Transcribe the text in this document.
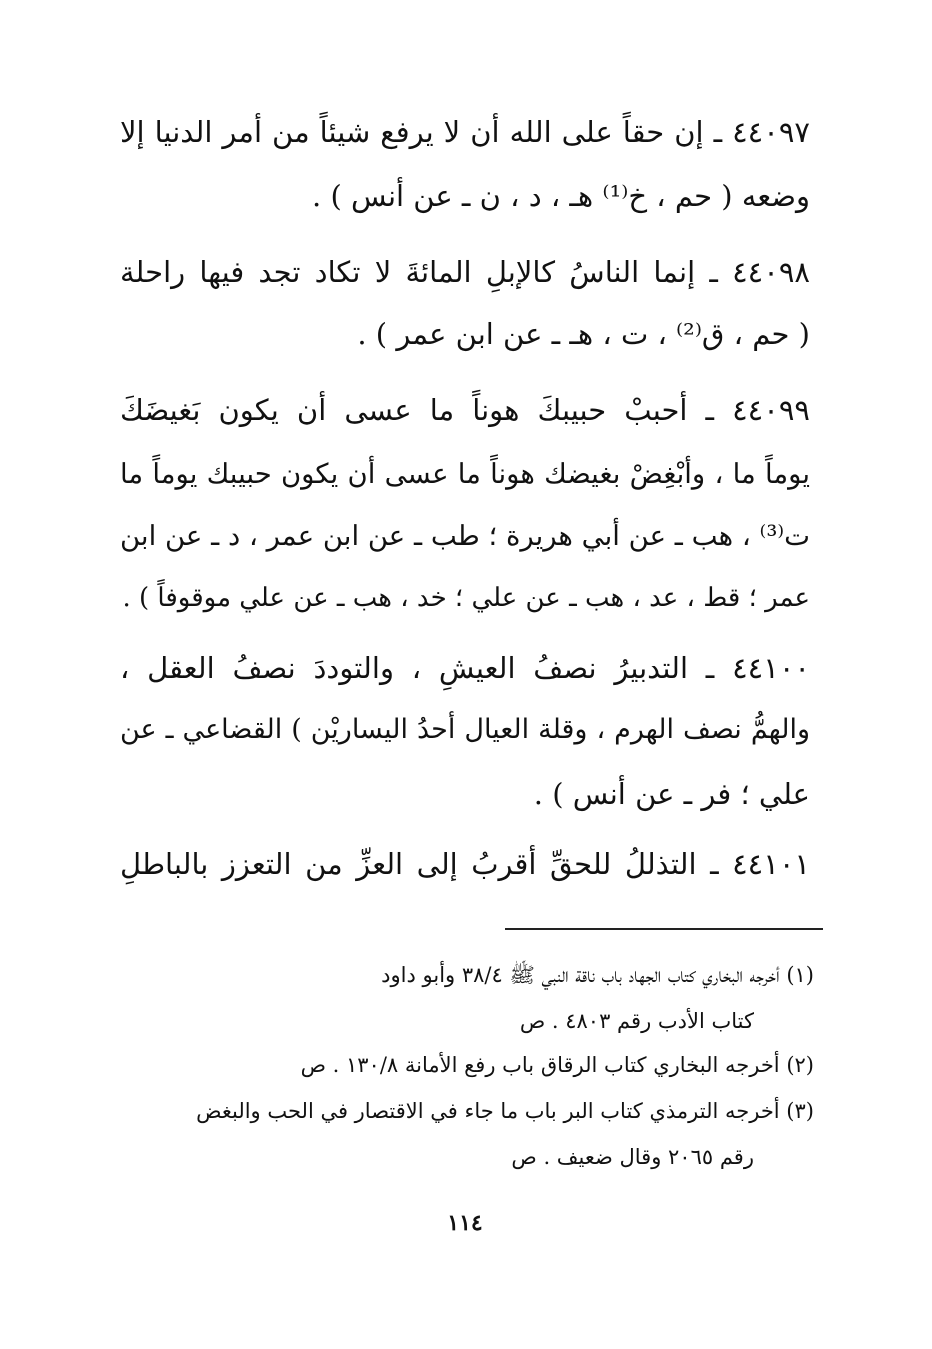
٤٤٠٩٧ ـ إن حقاً على الله أن لا يرفع شيئاً من أمر الدنيا إلا
وضعه ( حم ، خ⁽¹⁾ هـ ، د ، ن ـ عن أنس ) .
٤٤٠٩٨ ـ إنما الناسُ كالإبلِ المائةَ لا تكاد تجد فيها راحلة
( حم ، ق⁽²⁾ ، ت ، هـ ـ عن ابن عمر ) .
٤٤٠٩٩ ـ أحببْ حبيبكَ هوناً ما عسى أن يكون بَغيضَكَ
يوماً ما ، وأبْغِضْ بغيضك هوناً ما عسى أن يكون حبيبك يوماً ما
ت⁽³⁾ ، هب ـ عن أبي هريرة ؛ طب ـ عن ابن عمر ، د ـ عن ابن
عمر ؛ قط ، عد ، هب ـ عن علي ؛ خد ، هب ـ عن علي موقوفاً ) .
٤٤١٠٠ ـ التدبيرُ نصفُ العيشِ ، والتوددَ نصفُ العقل ،
والهمُّ نصف الهرم ، وقلة العيال أحدُ اليساريْن ) القضاعي ـ عن
علي ؛ فر ـ عن أنس ) .
٤٤١٠١ ـ التذللُ للحقِّ أقربُ إلى العزِّ من التعزز بالباطلِ
(١) أخرجه البخاري كتاب الجهاد باب ناقة النبي ﷺ ٣٨/٤ وأبو داود
كتاب الأدب رقم ٤٨٠٣ . ص
(٢) أخرجه البخاري كتاب الرقاق باب رفع الأمانة ١٣٠/٨ . ص
(٣) أخرجه الترمذي كتاب البر باب ما جاء في الاقتصار في الحب والبغض
رقم ٢٠٦٥ وقال ضعيف . ص
١١٤
